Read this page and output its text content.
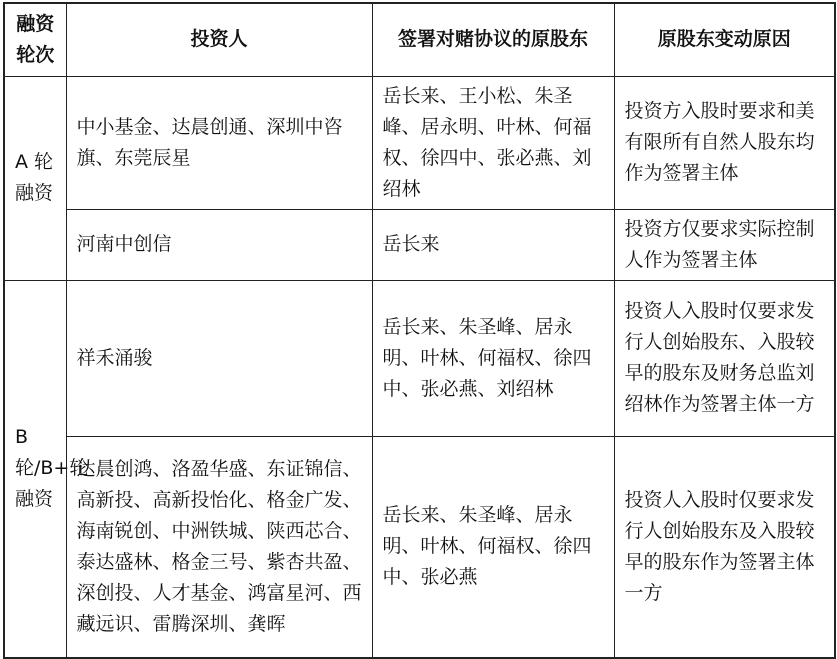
融资轮次	投资人	签署对赌协议的原股东	原股东变动原因

A 轮融资	中小基金、达晨创通、深圳中咨旗、东莞辰星	岳长来、王小松、朱圣峰、居永明、叶林、何福权、徐四中、张必燕、刘绍林	投资方入股时要求和美有限所有自然人股东均作为签署主体

	河南中创信	岳长来	投资方仅要求实际控制人作为签署主体

B 轮/B+轮融资	祥禾涌骏	岳长来、朱圣峰、居永明、叶林、何福权、徐四中、张必燕、刘绍林	投资人入股时仅要求发行人创始股东、入股较早的股东及财务总监刘绍林作为签署主体一方

	达晨创鸿、洛盈华盛、东证锦信、高新投、高新投怡化、格金广发、海南锐创、中洲铁城、陕西芯合、泰达盛林、格金三号、紫杏共盈、深创投、人才基金、鸿富星河、西藏远识、雷腾深圳、龚晖	岳长来、朱圣峰、居永明、叶林、何福权、徐四中、张必燕	投资人入股时仅要求发行人创始股东及入股较早的股东作为签署主体一方
